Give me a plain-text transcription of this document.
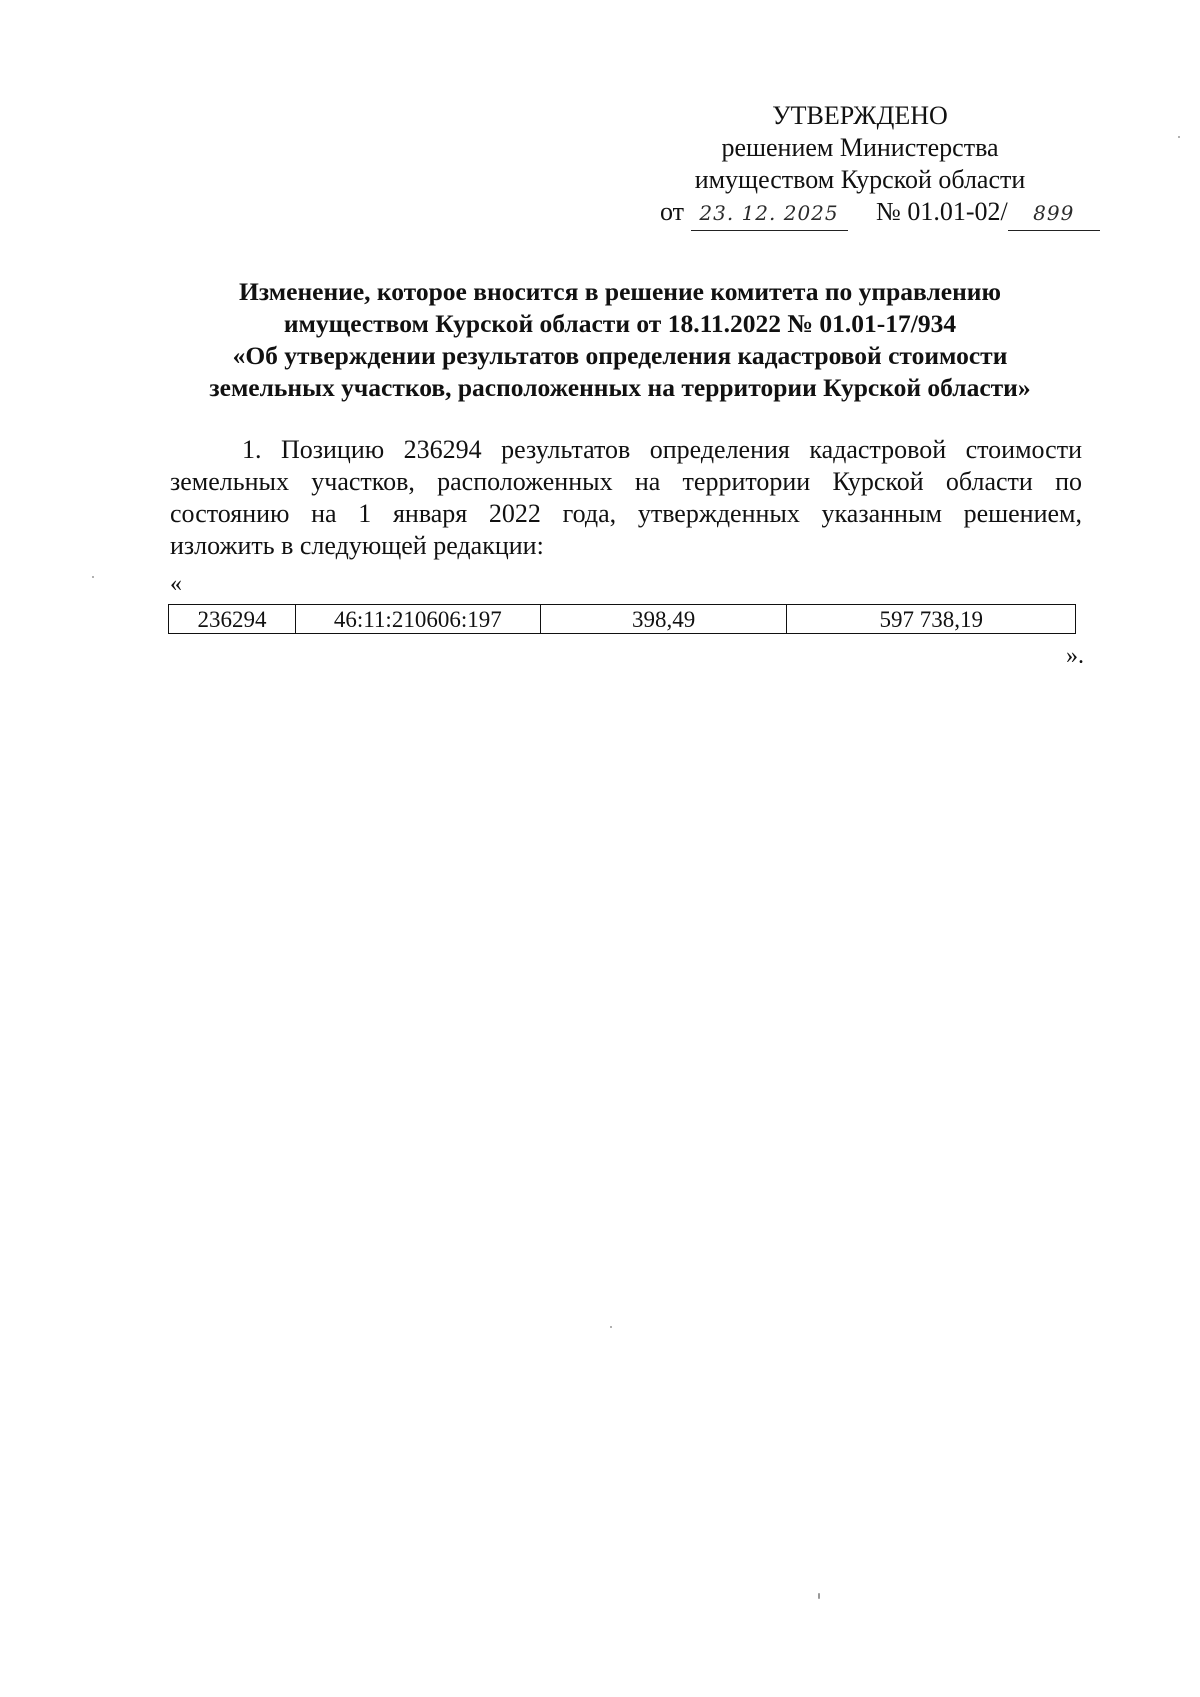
УТВЕРЖДЕНО
решением Министерства
имуществом Курской области
от 23. 12. 2025 № 01.01-02/ 899
Изменение, которое вносится в решение комитета по управлению
имуществом Курской области от 18.11.2022 № 01.01-17/934
«Об утверждении результатов определения кадастровой стоимости
земельных участков, расположенных на территории Курской области»
1. Позицию 236294 результатов определения кадастровой стоимости
земельных участков, расположенных на территории Курской области по
состоянию на 1 января 2022 года, утвержденных указанным решением,
изложить в следующей редакции:
«
236294	46:11:210606:197	398,49	597 738,19
».
